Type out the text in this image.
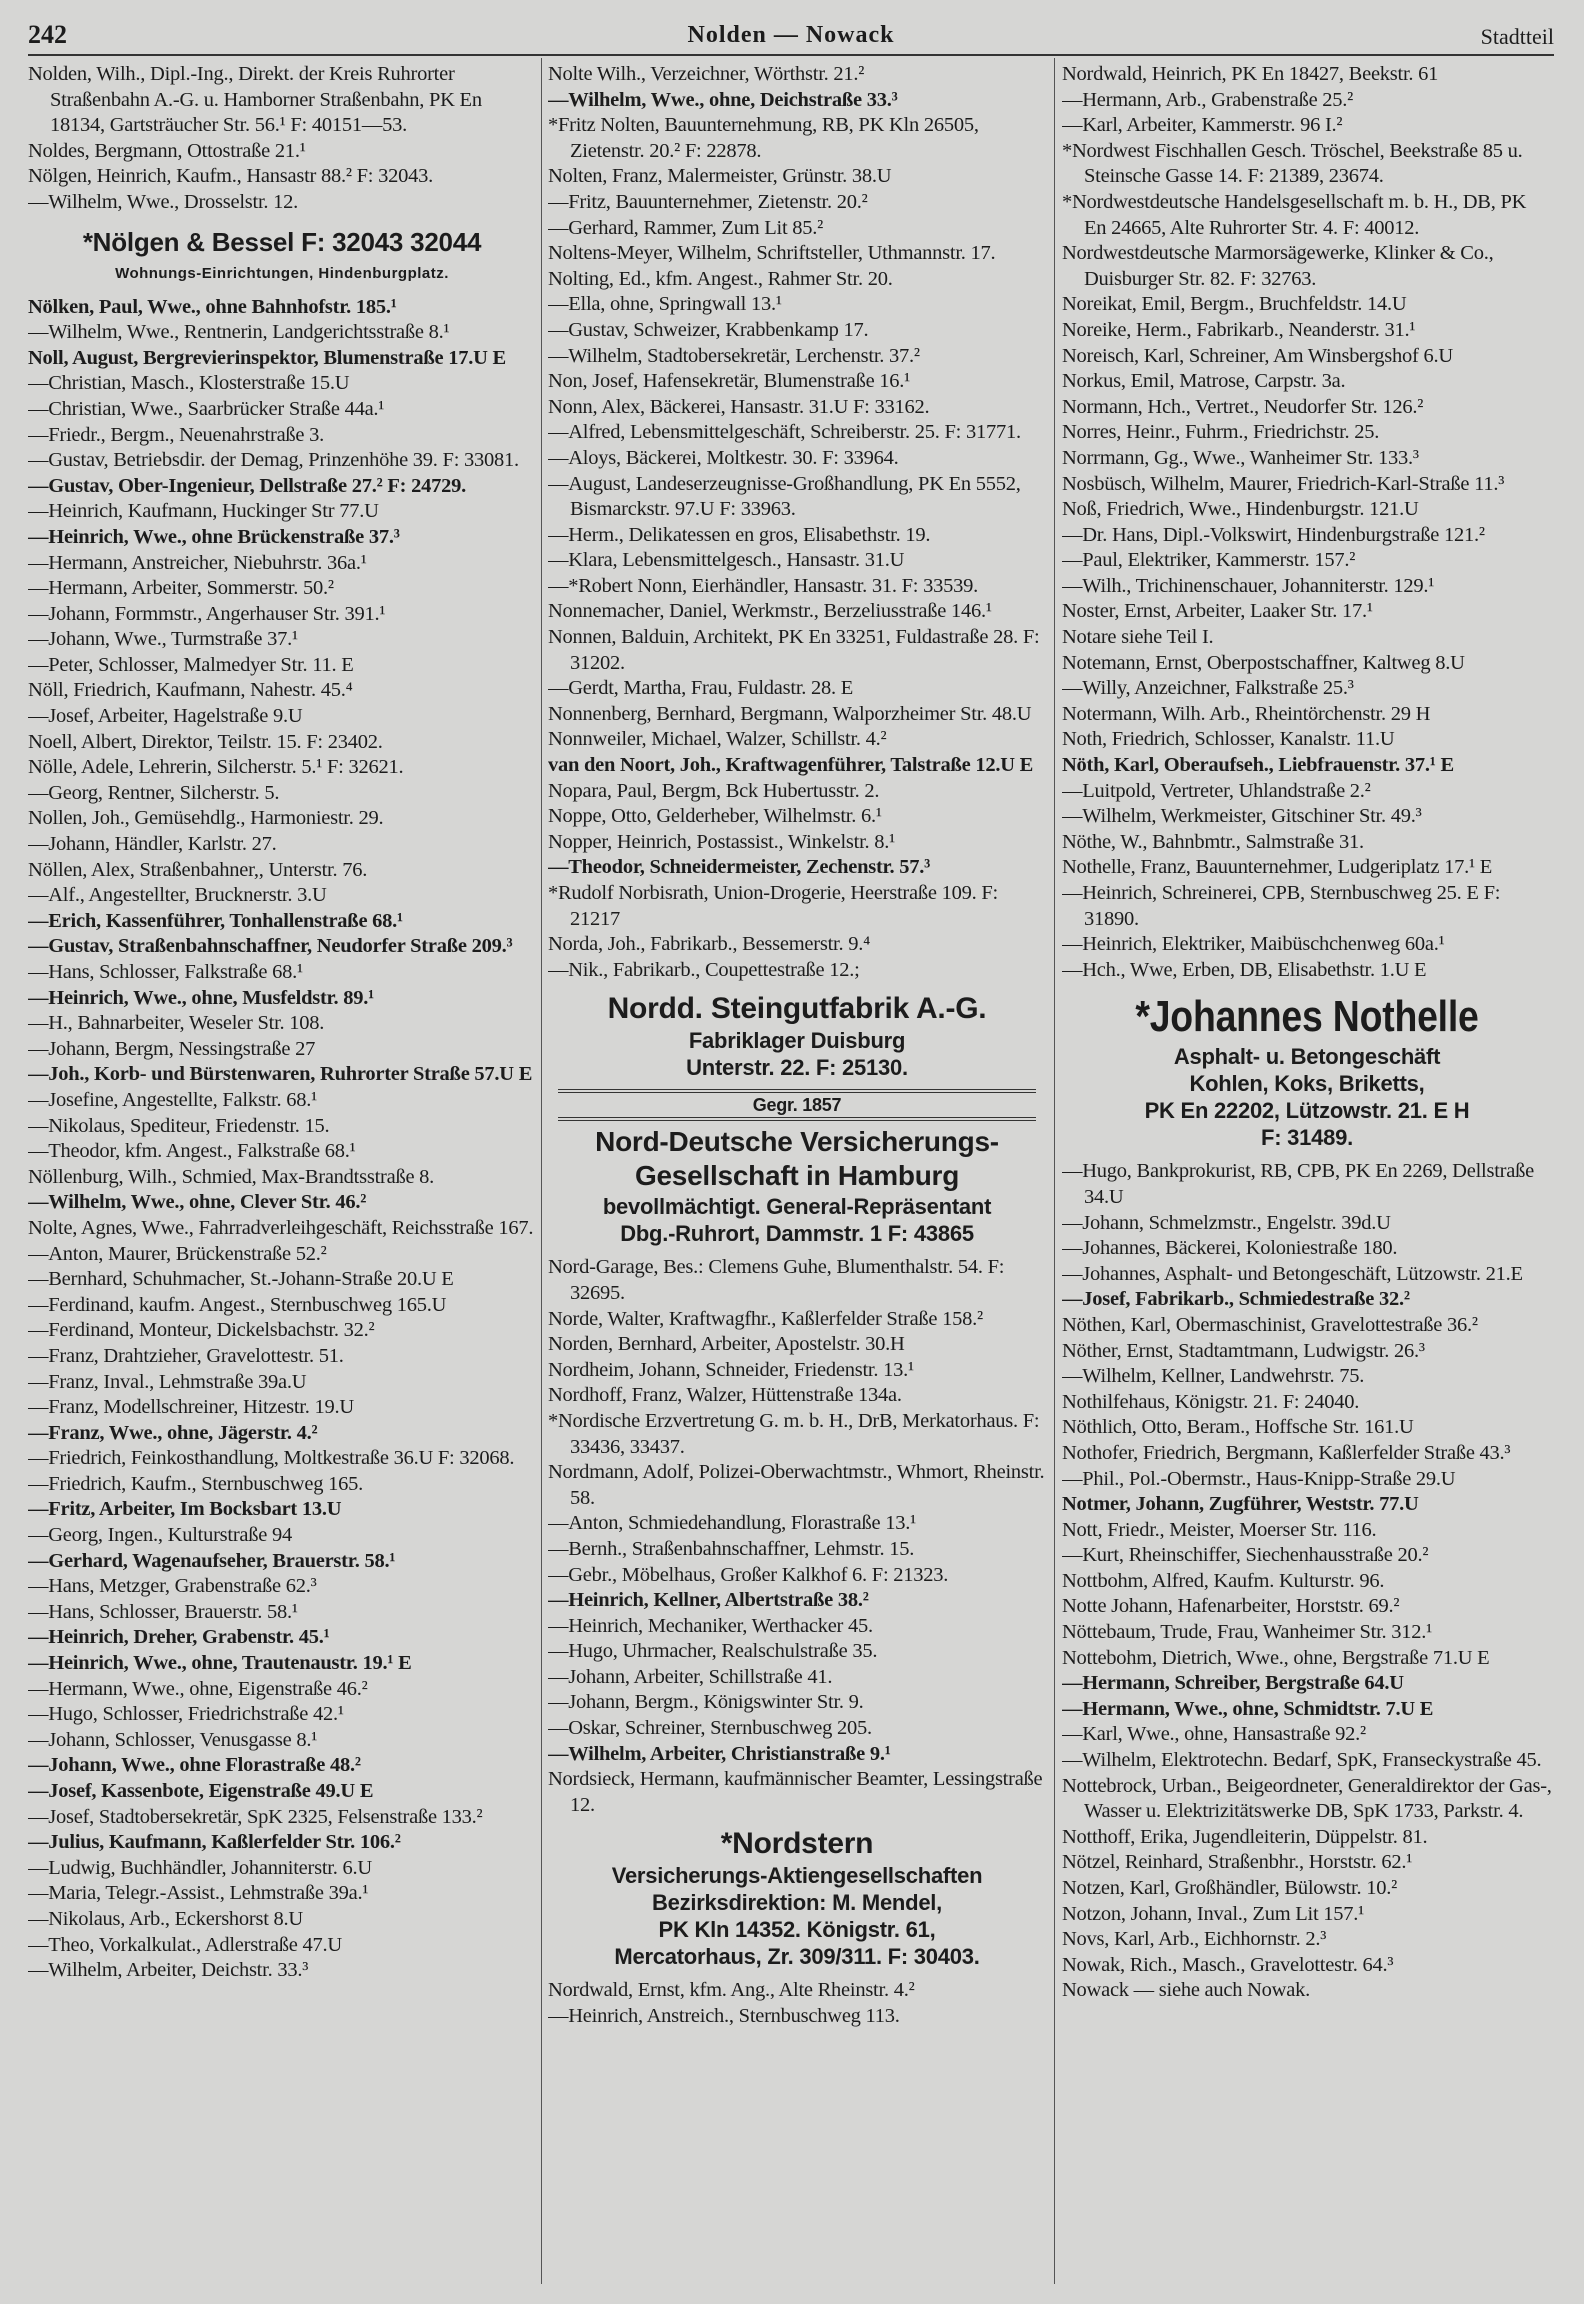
242	Nolden — Nowack	Stadtteil

Nolden, Wilh., Dipl.-Ing., Direkt. der Kreis Ruhrorter Straßenbahn A.-G. u. Hamborner Straßenbahn, PK En 18134, Gartsträucher Str. 56.¹ F: 40151—53.

Noldes, Bergmann, Ottostraße 21.¹

Nölgen, Heinrich, Kaufm., Hansastr 88.² F: 32043.

—Wilhelm, Wwe., Drosselstr. 12.

*Nölgen & Bessel F: 32043 32044
Wohnungs-Einrichtungen, Hindenburgplatz.

Nölken, Paul, Wwe., ohne Bahnhofstr. 185.¹

—Wilhelm, Wwe., Rentnerin, Landgerichtsstraße 8.¹

Noll, August, Bergrevierinspektor, Blumenstraße 17.U E

—Christian, Masch., Klosterstraße 15.U

—Christian, Wwe., Saarbrücker Straße 44a.¹

—Friedr., Bergm., Neuenahrstraße 3.

—Gustav, Betriebsdir. der Demag, Prinzenhöhe 39. F: 33081.

—Gustav, Ober-Ingenieur, Dellstraße 27.² F: 24729.

—Heinrich, Kaufmann, Huckinger Str 77.U

—Heinrich, Wwe., ohne Brückenstraße 37.³

—Hermann, Anstreicher, Niebuhrstr. 36a.¹

—Hermann, Arbeiter, Sommerstr. 50.²

—Johann, Formmstr., Angerhauser Str. 391.¹

—Johann, Wwe., Turmstraße 37.¹

—Peter, Schlosser, Malmedyer Str. 11. E

Nöll, Friedrich, Kaufmann, Nahestr. 45.⁴

—Josef, Arbeiter, Hagelstraße 9.U

Noell, Albert, Direktor, Teilstr. 15. F: 23402.

Nölle, Adele, Lehrerin, Silcherstr. 5.¹ F: 32621.

—Georg, Rentner, Silcherstr. 5.

Nollen, Joh., Gemüsehdlg., Harmoniestr. 29.

—Johann, Händler, Karlstr. 27.

Nöllen, Alex, Straßenbahner,, Unterstr. 76.

—Alf., Angestellter, Brucknerstr. 3.U

—Erich, Kassenführer, Tonhallenstraße 68.¹

—Gustav, Straßenbahnschaffner, Neudorfer Straße 209.³

—Hans, Schlosser, Falkstraße 68.¹

—Heinrich, Wwe., ohne, Musfeldstr. 89.¹

—H., Bahnarbeiter, Weseler Str. 108.

—Johann, Bergm, Nessingstraße 27

—Joh., Korb- und Bürstenwaren, Ruhrorter Straße 57.U E

—Josefine, Angestellte, Falkstr. 68.¹

—Nikolaus, Spediteur, Friedenstr. 15.

—Theodor, kfm. Angest., Falkstraße 68.¹

Nöllenburg, Wilh., Schmied, Max-Brandtsstraße 8.

—Wilhelm, Wwe., ohne, Clever Str. 46.²

Nolte, Agnes, Wwe., Fahrradverleihgeschäft, Reichsstraße 167.

—Anton, Maurer, Brückenstraße 52.²

—Bernhard, Schuhmacher, St.-Johann-Straße 20.U E

—Ferdinand, kaufm. Angest., Sternbuschweg 165.U

—Ferdinand, Monteur, Dickelsbachstr. 32.²

—Franz, Drahtzieher, Gravelottestr. 51.

—Franz, Inval., Lehmstraße 39a.U

—Franz, Modellschreiner, Hitzestr. 19.U

—Franz, Wwe., ohne, Jägerstr. 4.²

—Friedrich, Feinkosthandlung, Moltkestraße 36.U F: 32068.

—Friedrich, Kaufm., Sternbuschweg 165.

—Fritz, Arbeiter, Im Bocksbart 13.U

—Georg, Ingen., Kulturstraße 94

—Gerhard, Wagenaufseher, Brauerstr. 58.¹

—Hans, Metzger, Grabenstraße 62.³

—Hans, Schlosser, Brauerstr. 58.¹

—Heinrich, Dreher, Grabenstr. 45.¹

—Heinrich, Wwe., ohne, Trautenaustr. 19.¹ E

—Hermann, Wwe., ohne, Eigenstraße 46.²

—Hugo, Schlosser, Friedrichstraße 42.¹

—Johann, Schlosser, Venusgasse 8.¹

—Johann, Wwe., ohne Florastraße 48.²

—Josef, Kassenbote, Eigenstraße 49.U E

—Josef, Stadtobersekretär, SpK 2325, Felsenstraße 133.²

—Julius, Kaufmann, Kaßlerfelder Str. 106.²

—Ludwig, Buchhändler, Johanniterstr. 6.U

—Maria, Telegr.-Assist., Lehmstraße 39a.¹

—Nikolaus, Arb., Eckershorst 8.U

—Theo, Vorkalkulat., Adlerstraße 47.U

—Wilhelm, Arbeiter, Deichstr. 33.³

Nolte Wilh., Verzeichner, Wörthstr. 21.²

—Wilhelm, Wwe., ohne, Deichstraße 33.³

*Fritz Nolten, Bauunternehmung, RB, PK Kln 26505, Zietenstr. 20.² F: 22878.

Nolten, Franz, Malermeister, Grünstr. 38.U

—Fritz, Bauunternehmer, Zietenstr. 20.²

—Gerhard, Rammer, Zum Lit 85.²

Noltens-Meyer, Wilhelm, Schriftsteller, Uthmannstr. 17.

Nolting, Ed., kfm. Angest., Rahmer Str. 20.

—Ella, ohne, Springwall 13.¹

—Gustav, Schweizer, Krabbenkamp 17.

—Wilhelm, Stadtobersekretär, Lerchenstr. 37.²

Non, Josef, Hafensekretär, Blumenstraße 16.¹

Nonn, Alex, Bäckerei, Hansastr. 31.U F: 33162.

—Alfred, Lebensmittelgeschäft, Schreiberstr. 25. F: 31771.

—Aloys, Bäckerei, Moltkestr. 30. F: 33964.

—August, Landeserzeugnisse-Großhandlung, PK En 5552, Bismarckstr. 97.U F: 33963.

—Herm., Delikatessen en gros, Elisabethstr. 19.

—Klara, Lebensmittelgesch., Hansastr. 31.U

—*Robert Nonn, Eierhändler, Hansastr. 31. F: 33539.

Nonnemacher, Daniel, Werkmstr., Berzeliusstraße 146.¹

Nonnen, Balduin, Architekt, PK En 33251, Fuldastraße 28. F: 31202.

—Gerdt, Martha, Frau, Fuldastr. 28. E

Nonnenberg, Bernhard, Bergmann, Walporzheimer Str. 48.U

Nonnweiler, Michael, Walzer, Schillstr. 4.²

van den Noort, Joh., Kraftwagenführer, Talstraße 12.U E

Nopara, Paul, Bergm, Bck Hubertusstr. 2.

Noppe, Otto, Gelderheber, Wilhelmstr. 6.¹

Nopper, Heinrich, Postassist., Winkelstr. 8.¹

—Theodor, Schneidermeister, Zechenstr. 57.³

*Rudolf Norbisrath, Union-Drogerie, Heerstraße 109. F: 21217

Norda, Joh., Fabrikarb., Bessemerstr. 9.⁴

—Nik., Fabrikarb., Coupettestraße 12.;

Nordd. Steingutfabrik A.-G.
Fabriklager Duisburg
Unterstr. 22. F: 25130.
Gegr. 1857
Nord-Deutsche Versicherungs-
Gesellschaft in Hamburg
bevollmächtigt. General-Repräsentant
Dbg.-Ruhrort, Dammstr. 1 F: 43865

Nord-Garage, Bes.: Clemens Guhe, Blumenthalstr. 54. F: 32695.

Norde, Walter, Kraftwagfhr., Kaßlerfelder Straße 158.²

Norden, Bernhard, Arbeiter, Apostelstr. 30.H

Nordheim, Johann, Schneider, Friedenstr. 13.¹

Nordhoff, Franz, Walzer, Hüttenstraße 134a.

*Nordische Erzvertretung G. m. b. H., DrB, Merkatorhaus. F: 33436, 33437.

Nordmann, Adolf, Polizei-Oberwachtmstr., Whmort, Rheinstr. 58.

—Anton, Schmiedehandlung, Florastraße 13.¹

—Bernh., Straßenbahnschaffner, Lehmstr. 15.

—Gebr., Möbelhaus, Großer Kalkhof 6. F: 21323.

—Heinrich, Kellner, Albertstraße 38.²

—Heinrich, Mechaniker, Werthacker 45.

—Hugo, Uhrmacher, Realschulstraße 35.

—Johann, Arbeiter, Schillstraße 41.

—Johann, Bergm., Königswinter Str. 9.

—Oskar, Schreiner, Sternbuschweg 205.

—Wilhelm, Arbeiter, Christianstraße 9.¹

Nordsieck, Hermann, kaufmännischer Beamter, Lessingstraße 12.

*Nordstern
Versicherungs-Aktiengesellschaften
Bezirksdirektion: M. Mendel,
PK Kln 14352. Königstr. 61,
Mercatorhaus, Zr. 309/311. F: 30403.

Nordwald, Ernst, kfm. Ang., Alte Rheinstr. 4.²

—Heinrich, Anstreich., Sternbuschweg 113.

Nordwald, Heinrich, PK En 18427, Beekstr. 61

—Hermann, Arb., Grabenstraße 25.²

—Karl, Arbeiter, Kammerstr. 96 I.²

*Nordwest Fischhallen Gesch. Tröschel, Beekstraße 85 u. Steinsche Gasse 14. F: 21389, 23674.

*Nordwestdeutsche Handelsgesellschaft m. b. H., DB, PK En 24665, Alte Ruhrorter Str. 4. F: 40012.

Nordwestdeutsche Marmorsägewerke, Klinker & Co., Duisburger Str. 82. F: 32763.

Noreikat, Emil, Bergm., Bruchfeldstr. 14.U

Noreike, Herm., Fabrikarb., Neanderstr. 31.¹

Noreisch, Karl, Schreiner, Am Winsbergshof 6.U

Norkus, Emil, Matrose, Carpstr. 3a.

Normann, Hch., Vertret., Neudorfer Str. 126.²

Norres, Heinr., Fuhrm., Friedrichstr. 25.

Norrmann, Gg., Wwe., Wanheimer Str. 133.³

Nosbüsch, Wilhelm, Maurer, Friedrich-Karl-Straße 11.³

Noß, Friedrich, Wwe., Hindenburgstr. 121.U

—Dr. Hans, Dipl.-Volkswirt, Hindenburgstraße 121.²

—Paul, Elektriker, Kammerstr. 157.²

—Wilh., Trichinenschauer, Johanniterstr. 129.¹

Noster, Ernst, Arbeiter, Laaker Str. 17.¹

Notare siehe Teil I.

Notemann, Ernst, Oberpostschaffner, Kaltweg 8.U

—Willy, Anzeichner, Falkstraße 25.³

Notermann, Wilh. Arb., Rheintörchenstr. 29 H

Noth, Friedrich, Schlosser, Kanalstr. 11.U

Nöth, Karl, Oberaufseh., Liebfrauenstr. 37.¹ E

—Luitpold, Vertreter, Uhlandstraße 2.²

—Wilhelm, Werkmeister, Gitschiner Str. 49.³

Nöthe, W., Bahnbmtr., Salmstraße 31.

Nothelle, Franz, Bauunternehmer, Ludgeriplatz 17.¹ E

—Heinrich, Schreinerei, CPB, Sternbuschweg 25. E F: 31890.

—Heinrich, Elektriker, Maibüschchenweg 60a.¹

—Hch., Wwe, Erben, DB, Elisabethstr. 1.U E

*Johannes Nothelle
Asphalt- u. Betongeschäft
Kohlen, Koks, Briketts,
PK En 22202, Lützowstr. 21. E H
F: 31489.

—Hugo, Bankprokurist, RB, CPB, PK En 2269, Dellstraße 34.U

—Johann, Schmelzmstr., Engelstr. 39d.U

—Johannes, Bäckerei, Koloniestraße 180.

—Johannes, Asphalt- und Betongeschäft, Lützowstr. 21.E

—Josef, Fabrikarb., Schmiedestraße 32.²

Nöthen, Karl, Obermaschinist, Gravelottestraße 36.²

Nöther, Ernst, Stadtamtmann, Ludwigstr. 26.³

—Wilhelm, Kellner, Landwehrstr. 75.

Nothilfehaus, Königstr. 21. F: 24040.

Nöthlich, Otto, Beram., Hoffsche Str. 161.U

Nothofer, Friedrich, Bergmann, Kaßlerfelder Straße 43.³

—Phil., Pol.-Obermstr., Haus-Knipp-Straße 29.U

Notmer, Johann, Zugführer, Weststr. 77.U

Nott, Friedr., Meister, Moerser Str. 116.

—Kurt, Rheinschiffer, Siechenhausstraße 20.²

Nottbohm, Alfred, Kaufm. Kulturstr. 96.

Notte Johann, Hafenarbeiter, Horststr. 69.²

Nöttebaum, Trude, Frau, Wanheimer Str. 312.¹

Nottebohm, Dietrich, Wwe., ohne, Bergstraße 71.U E

—Hermann, Schreiber, Bergstraße 64.U

—Hermann, Wwe., ohne, Schmidtstr. 7.U E

—Karl, Wwe., ohne, Hansastraße 92.²

—Wilhelm, Elektrotechn. Bedarf, SpK, Franseckystraße 45.

Nottebrock, Urban., Beigeordneter, Generaldirektor der Gas-, Wasser u. Elektrizitätswerke DB, SpK 1733, Parkstr. 4.

Notthoff, Erika, Jugendleiterin, Düppelstr. 81.

Nötzel, Reinhard, Straßenbhr., Horststr. 62.¹

Notzen, Karl, Großhändler, Bülowstr. 10.²

Notzon, Johann, Inval., Zum Lit 157.¹

Novs, Karl, Arb., Eichhornstr. 2.³

Nowak, Rich., Masch., Gravelottestr. 64.³

Nowack — siehe auch Nowak.
